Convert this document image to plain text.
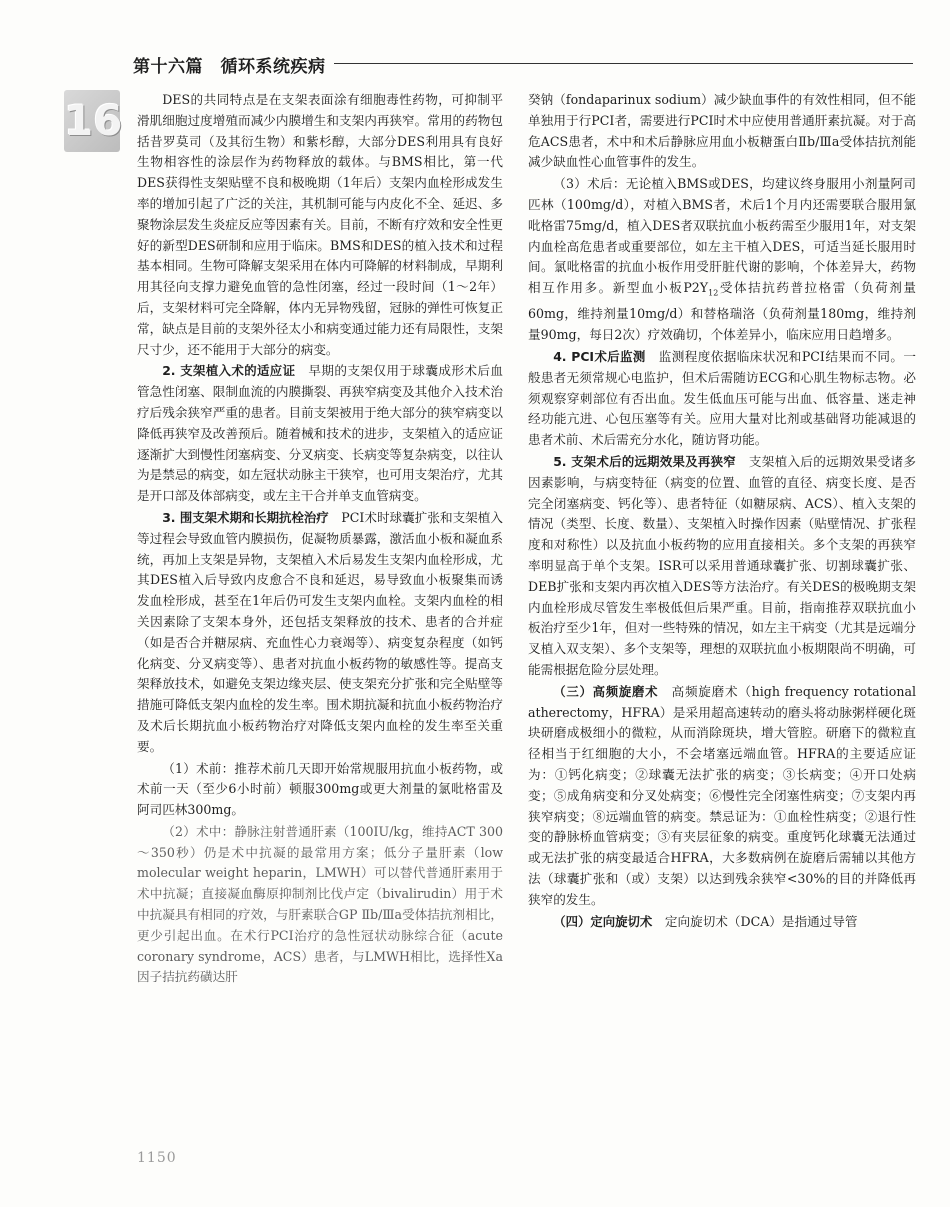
第十六篇　循环系统疾病
16	DES的共同特点是在支架表面涂有细胞毒性药物，可抑制平滑肌细胞过度增殖而减少内膜增生和支架内再狭窄。常用的药物包括昔罗莫司（及其衍生物）和紫杉醇，大部分DES利用具有良好生物相容性的涂层作为药物释放的载体。与BMS相比，第一代DES获得性支架贴壁不良和极晚期（1年后）支架内血栓形成发生率的增加引起了广泛的关注，其机制可能与内皮化不全、延迟、多聚物涂层发生炎症反应等因素有关。目前，不断有疗效和安全性更好的新型DES研制和应用于临床。BMS和DES的植入技术和过程基本相同。生物可降解支架采用在体内可降解的材料制成，早期利用其径向支撑力避免血管的急性闭塞，经过一段时间（1～2年）后，支架材料可完全降解，体内无异物残留，冠脉的弹性可恢复正常，缺点是目前的支架外径太小和病变通过能力还有局限性，支架尺寸少，还不能用于大部分的病变。

2. 支架植入术的适应证　早期的支架仅用于球囊成形术后血管急性闭塞、限制血流的内膜撕裂、再狭窄病变及其他介入技术治疗后残余狭窄严重的患者。目前支架被用于绝大部分的狭窄病变以降低再狭窄及改善预后。随着械和技术的进步，支架植入的适应证逐渐扩大到慢性闭塞病变、分叉病变、长病变等复杂病变，以往认为是禁忌的病变，如左冠状动脉主干狭窄，也可用支架治疗，尤其是开口部及体部病变，或左主干合并单支血管病变。

3. 围支架术期和长期抗栓治疗　PCI术时球囊扩张和支架植入等过程会导致血管内膜损伤，促凝物质暴露，激活血小板和凝血系统，再加上支架是异物，支架植入术后易发生支架内血栓形成，尤其DES植入后导致内皮愈合不良和延迟，易导致血小板聚集而诱发血栓形成，甚至在1年后仍可发生支架内血栓。支架内血栓的相关因素除了支架本身外，还包括支架释放的技术、患者的合并症（如是否合并糖尿病、充血性心力衰竭等）、病变复杂程度（如钙化病变、分叉病变等）、患者对抗血小板药物的敏感性等。提高支架释放技术，如避免支架边缘夹层、使支架充分扩张和完全贴壁等措施可降低支架内血栓的发生率。围术期抗凝和抗血小板药物治疗及术后长期抗血小板药物治疗对降低支架内血栓的发生率至关重要。

（1）术前：推荐术前几天即开始常规服用抗血小板药物，或术前一天（至少6小时前）顿服300mg或更大剂量的氯吡格雷及阿司匹林300mg。

（2）术中：静脉注射普通肝素（100IU/kg，维持ACT 300～350秒）仍是术中抗凝的最常用方案；低分子量肝素（low molecular weight heparin，LMWH）可以替代普通肝素用于术中抗凝；直接凝血酶原抑制剂比伐卢定（bivalirudin）用于术中抗凝具有相同的疗效，与肝素联合GP Ⅱb/Ⅲa受体拮抗剂相比，更少引起出血。在术行PCI治疗的急性冠状动脉综合征（acute coronary syndrome，ACS）患者，与LMWH相比，选择性Ⅹa因子拮抗药磺达肝

癸钠（fondaparinux sodium）减少缺血事件的有效性相同，但不能单独用于行PCI者，需要进行PCI时术中应使用普通肝素抗凝。对于高危ACS患者，术中和术后静脉应用血小板糖蛋白Ⅱb/Ⅲa受体拮抗剂能减少缺血性心血管事件的发生。

（3）术后：无论植入BMS或DES，均建议终身服用小剂量阿司匹林（100mg/d），对植入BMS者，术后1个月内还需要联合服用氯吡格雷75mg/d，植入DES者双联抗血小板药需至少服用1年，对支架内血栓高危患者或重要部位，如左主干植入DES，可适当延长服用时间。氯吡格雷的抗血小板作用受肝脏代谢的影响，个体差异大，药物相互作用多。新型血小板$P2Y_{12}$受体拮抗药普拉格雷（负荷剂量60mg，维持剂量10mg/d）和替格瑞洛（负荷剂量180mg，维持剂量90mg，每日2次）疗效确切，个体差异小，临床应用日趋增多。

4. PCI术后监测　监测程度依据临床状况和PCI结果而不同。一般患者无须常规心电监护，但术后需随访ECG和心肌生物标志物。必须观察穿刺部位有否出血。发生低血压可能与出血、低容量、迷走神经功能亢进、心包压塞等有关。应用大量对比剂或基础肾功能减退的患者术前、术后需充分水化，随访肾功能。

5. 支架术后的远期效果及再狭窄　支架植入后的远期效果受诸多因素影响，与病变特征（病变的位置、血管的直径、病变长度、是否完全闭塞病变、钙化等）、患者特征（如糖尿病、ACS）、植入支架的情况（类型、长度、数量）、支架植入时操作因素（贴壁情况、扩张程度和对称性）以及抗血小板药物的应用直接相关。多个支架的再狭窄率明显高于单个支架。ISR可以采用普通球囊扩张、切割球囊扩张、DEB扩张和支架内再次植入DES等方法治疗。有关DES的极晚期支架内血栓形成尽管发生率极低但后果严重。目前，指南推荐双联抗血小板治疗至少1年，但对一些特殊的情况，如左主干病变（尤其是远端分叉植入双支架）、多个支架等，理想的双联抗血小板期限尚不明确，可能需根据危险分层处理。

（三）高频旋磨术　高频旋磨术（high frequency rotational atherectomy，HFRA）是采用超高速转动的磨头将动脉粥样硬化斑块研磨成极细小的微粒，从而消除斑块，增大管腔。研磨下的微粒直径相当于红细胞的大小，不会堵塞远端血管。HFRA的主要适应证为：①钙化病变；②球囊无法扩张的病变；③长病变；④开口处病变；⑤成角病变和分叉处病变；⑥慢性完全闭塞性病变；⑦支架内再狭窄病变；⑧远端血管的病变。禁忌证为：①血栓性病变；②退行性变的静脉桥血管病变；③有夹层征象的病变。重度钙化球囊无法通过或无法扩张的病变最适合HFRA，大多数病例在旋磨后需辅以其他方法（球囊扩张和（或）支架）以达到残余狭窄<30%的目的并降低再狭窄的发生。

（四）定向旋切术　定向旋切术（DCA）是指通过导管

1150
